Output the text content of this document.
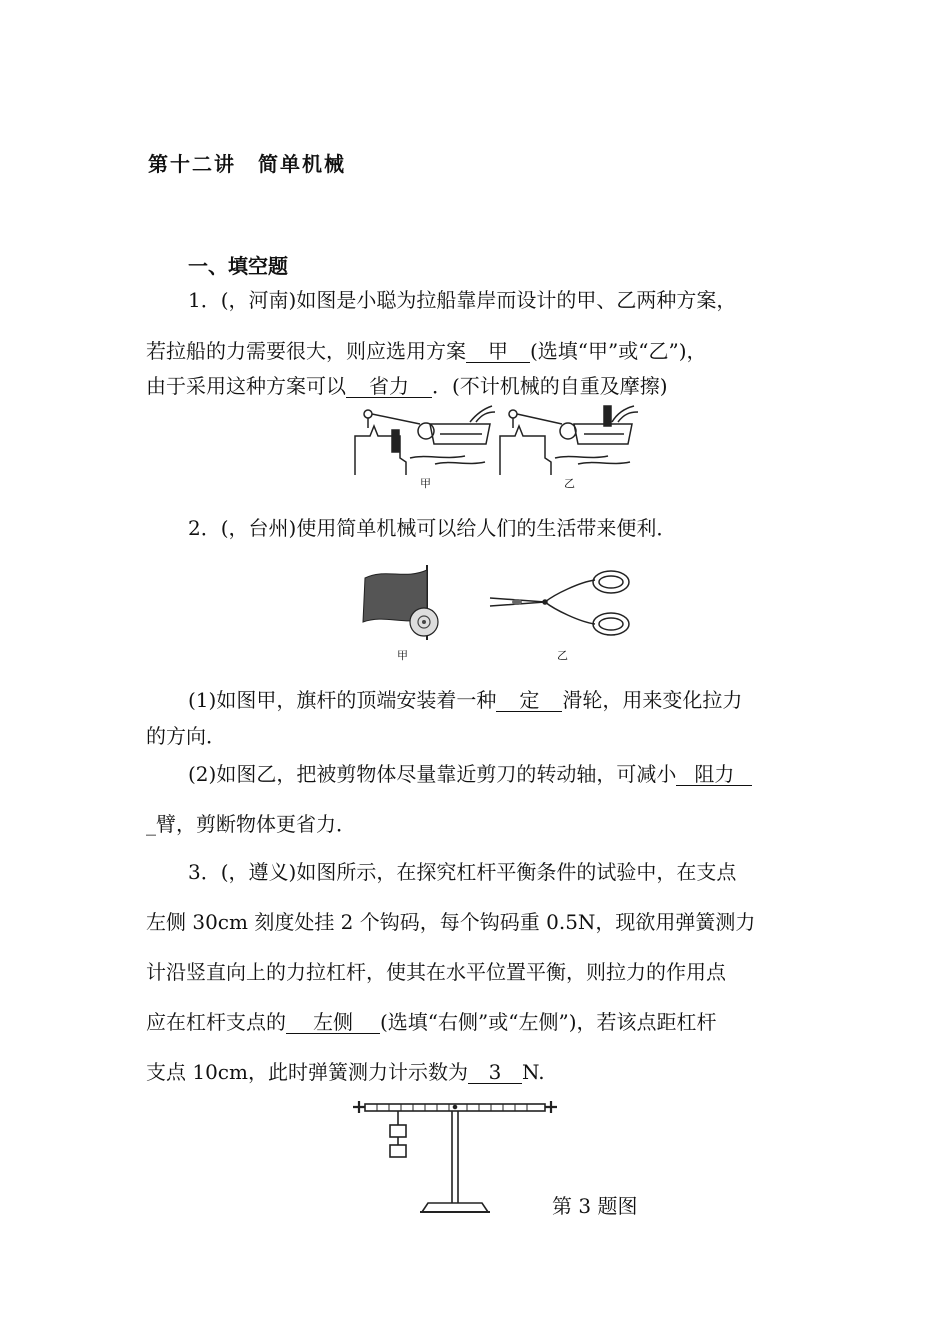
第十二讲　简单机械
一、填空题
1．(，河南)如图是小聪为拉船靠岸而设计的甲、乙两种方案，
若拉船的力需要很大，则应选用方案 甲 (选填“甲”或“乙”)，
由于采用这种方案可以 省力 ．(不计机械的自重及摩擦)
甲	乙
2．(，台州)使用简单机械可以给人们的生活带来便利．
甲	乙
(1)如图甲，旗杆的顶端安装着一种 定 滑轮，用来变化拉力
的方向．
(2)如图乙，把被剪物体尽量靠近剪刀的转动轴，可减小 阻力
_臂，剪断物体更省力．
3．(，遵义)如图所示，在探究杠杆平衡条件的试验中，在支点
左侧 30cm 刻度处挂 2 个钩码，每个钩码重 0.5N，现欲用弹簧测力
计沿竖直向上的力拉杠杆，使其在水平位置平衡，则拉力的作用点
应在杠杆支点的 左侧 (选填“右侧”或“左侧”)，若该点距杠杆
支点 10cm，此时弹簧测力计示数为 3 N.
第 3 题图
